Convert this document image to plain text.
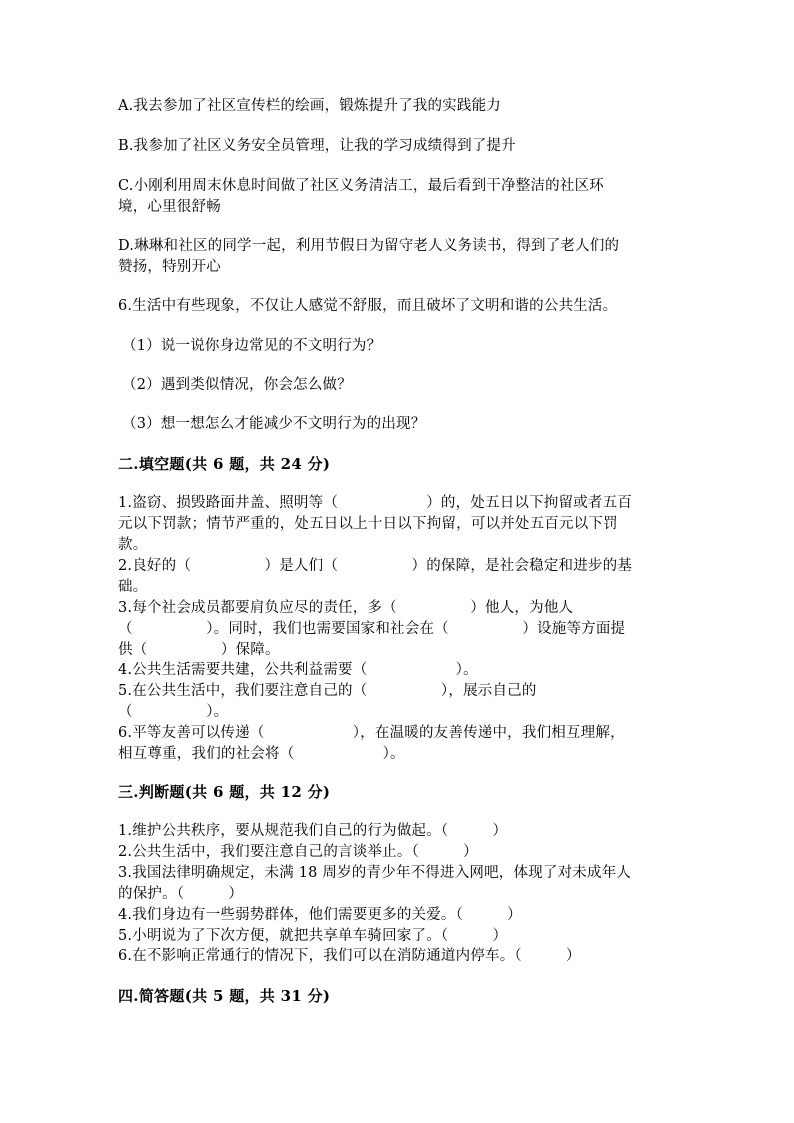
A.我去参加了社区宣传栏的绘画，锻炼提升了我的实践能力
B.我参加了社区义务安全员管理，让我的学习成绩得到了提升
C.小刚利用周末休息时间做了社区义务清洁工，最后看到干净整洁的社区环
境，心里很舒畅
D.琳琳和社区的同学一起，利用节假日为留守老人义务读书，得到了老人们的
赞扬，特别开心
6.生活中有些现象，不仅让人感觉不舒服，而且破坏了文明和谐的公共生活。
（1）说一说你身边常见的不文明行为？
（2）遇到类似情况，你会怎么做？
（3）想一想怎么才能减少不文明行为的出现？
二.填空题(共 6 题，共 24 分)
1.盗窃、损毁路面井盖、照明等（　　　　　　）的，处五日以下拘留或者五百
元以下罚款；情节严重的，处五日以上十日以下拘留，可以并处五百元以下罚
款。
2.良好的（　　　　　）是人们（　　　　　）的保障，是社会稳定和进步的基
础。
3.每个社会成员都要肩负应尽的责任，多（　　　　　）他人，为他人
（　　　　　）。同时，我们也需要国家和社会在（　　　　　）设施等方面提
供（　　　　　）保障。
4.公共生活需要共建，公共利益需要（　　　　　　）。
5.在公共生活中，我们要注意自己的（　　　　　），展示自己的
（　　　　　）。
6.平等友善可以传递（　　　　　　），在温暖的友善传递中，我们相互理解，
相互尊重，我们的社会将（　　　　　　）。
三.判断题(共 6 题，共 12 分)
1.维护公共秩序，要从规范我们自己的行为做起。（　　　）
2.公共生活中，我们要注意自己的言谈举止。（　　　）
3.我国法律明确规定，未满 18 周岁的青少年不得进入网吧，体现了对未成年人
的保护。（　　　）
4.我们身边有一些弱势群体，他们需要更多的关爱。（　　　）
5.小明说为了下次方便，就把共享单车骑回家了。（　　　）
6.在不影响正常通行的情况下，我们可以在消防通道内停车。（　　　）
四.简答题(共 5 题，共 31 分)
